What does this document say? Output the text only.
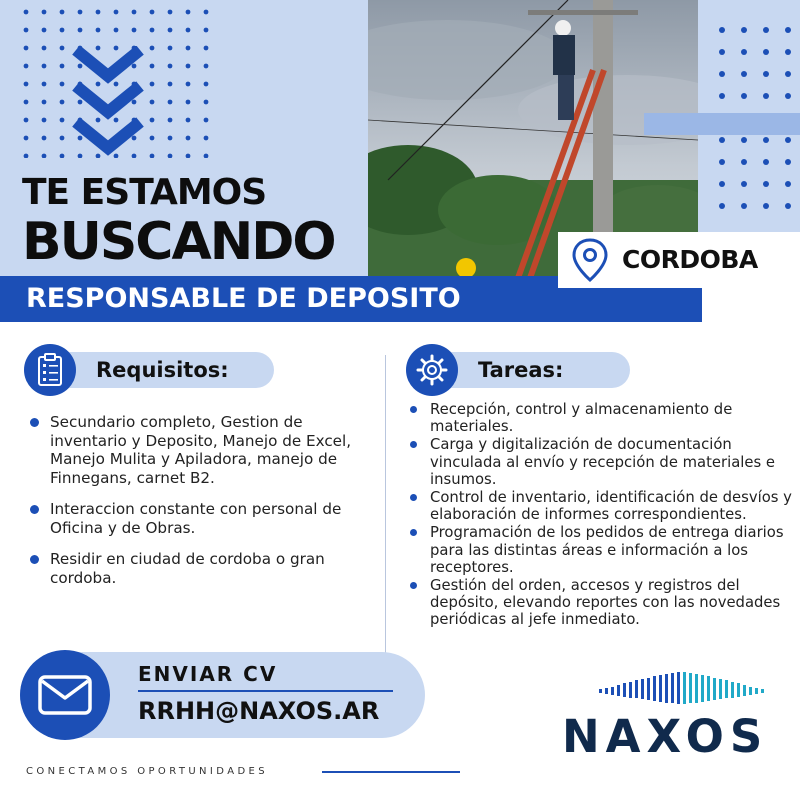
TE ESTAMOS
BUSCANDO
RESPONSABLE DE DEPOSITO
CORDOBA
Requisitos:	Tareas:
Secundario completo, Gestion de inventario y Deposito, Manejo de Excel, Manejo Mulita y Apiladora, manejo de Finnegans, carnet B2.
Interaccion constante con personal de Oficina y de Obras.
Residir en ciudad de cordoba o gran cordoba.
Recepción, control y almacenamiento de materiales.
Carga y digitalización de documentación vinculada al envío y recepción de materiales e insumos.
Control de inventario, identificación de desvíos y elaboración de informes correspondientes.
Programación de los pedidos de entrega diarios para las distintas áreas e información a los receptores.
Gestión del orden, accesos y registros del depósito, elevando reportes con las novedades periódicas al jefe inmediato.
ENVIAR CV
RRHH@NAXOS.AR
CONECTAMOS OPORTUNIDADES
NAXOS
